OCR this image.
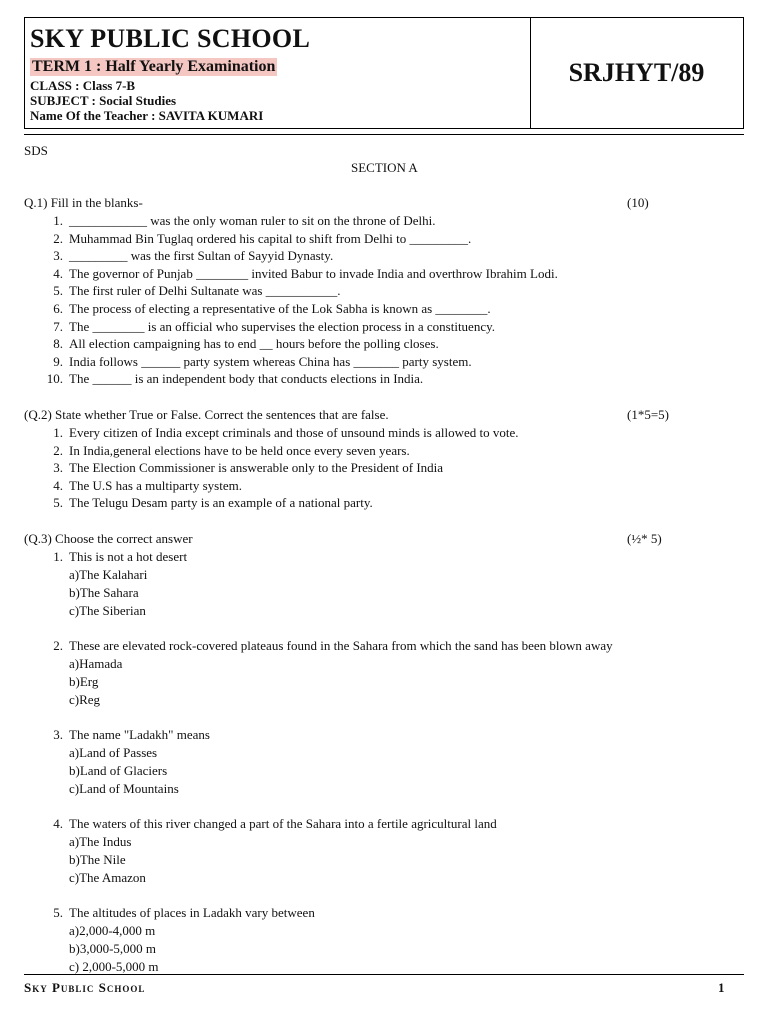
SKY PUBLIC SCHOOL
TERM 1 : Half Yearly Examination
CLASS : Class 7-B
SUBJECT : Social Studies
Name Of the Teacher : SAVITA KUMARI
SRJHYT/89
SDS
SECTION A
Q.1) Fill in the blanks-	(10)
1. ____________ was the only woman ruler to sit on the throne of Delhi.
2. Muhammad Bin Tuglaq ordered his capital to shift from Delhi to _________.
3. _________ was the first Sultan of Sayyid Dynasty.
4. The governor of Punjab ________ invited Babur to invade India and overthrow Ibrahim Lodi.
5. The first ruler of Delhi Sultanate was ___________.
6. The process of electing a representative of the Lok Sabha is known as ________.
7. The ________ is an official who supervises the election process in a constituency.
8. All election campaigning has to end __ hours before the polling closes.
9. India follows ______ party system whereas China has _______ party system.
10. The ______ is an independent body that conducts elections in India.
(Q.2) State whether True or False. Correct the sentences that are false.	(1*5=5)
1. Every citizen of India except criminals and those of unsound minds is allowed to vote.
2. In India,general elections have to be held once every seven years.
3. The Election Commissioner is answerable only to the President of India
4. The U.S has a multiparty system.
5. The Telugu Desam party is an example of a national party.
(Q.3) Choose the correct answer	(½* 5)
1. This is not a hot desert
a)The Kalahari
b)The Sahara
c)The Siberian
2. These are elevated rock-covered plateaus found in the Sahara from which the sand has been blown away
a)Hamada
b)Erg
c)Reg
3. The name "Ladakh" means
a)Land of Passes
b)Land of Glaciers
c)Land of Mountains
4. The waters of this river changed a part of the Sahara into a fertile agricultural land
a)The Indus
b)The Nile
c)The Amazon
5. The altitudes of places in Ladakh vary between
a)2,000-4,000 m
b)3,000-5,000 m
c) 2,000-5,000 m
Sky Public School	1
